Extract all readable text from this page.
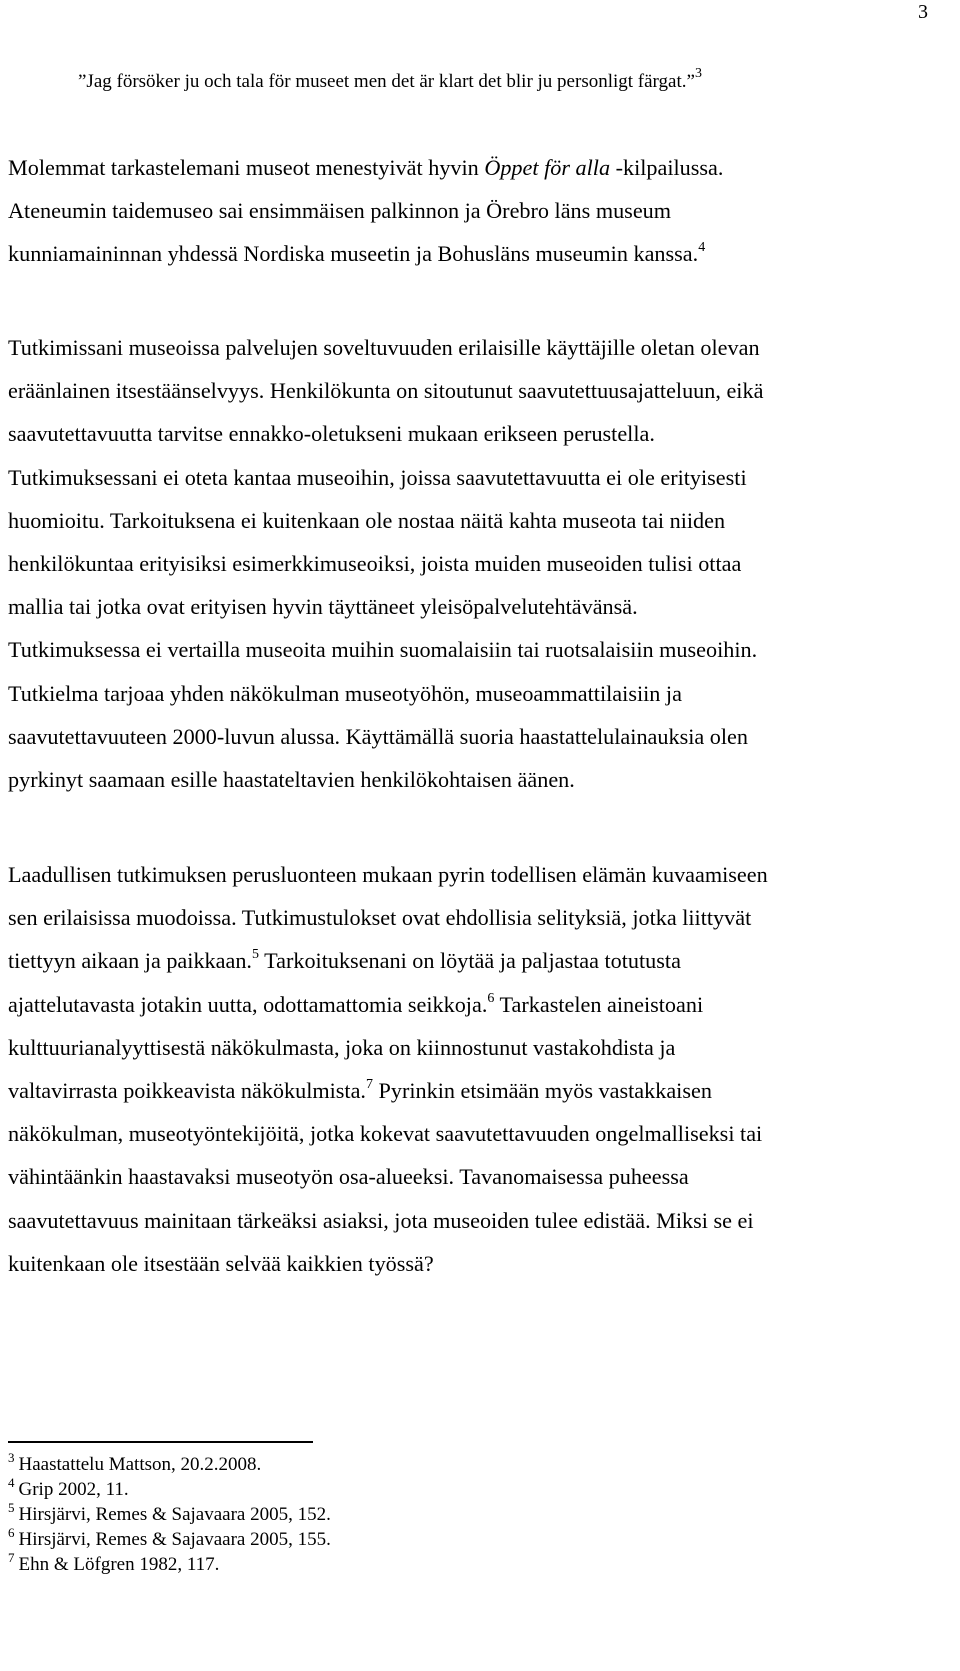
3
”Jag försöker ju och tala för museet men det är klart det blir ju personligt färgat.”$^3$
Molemmat tarkastelemani museot menestyivät hyvin Öppet för alla -kilpailussa.
Ateneumin taidemuseo sai ensimmäisen palkinnon ja Örebro läns museum
kunniamaininnan yhdessä Nordiska museetin ja Bohusläns museumin kanssa.$^4$
Tutkimissani museoissa palvelujen soveltuvuuden erilaisille käyttäjille oletan olevan
eräänlainen itsestäänselvyys. Henkilökunta on sitoutunut saavutettuusajatteluun, eikä
saavutettavuutta tarvitse ennakko-oletukseni mukaan erikseen perustella.
Tutkimuksessani ei oteta kantaa museoihin, joissa saavutettavuutta ei ole erityisesti
huomioitu. Tarkoituksena ei kuitenkaan ole nostaa näitä kahta museota tai niiden
henkilökuntaa erityisiksi esimerkkimuseoiksi, joista muiden museoiden tulisi ottaa
mallia tai jotka ovat erityisen hyvin täyttäneet yleisöpalvelutehtävänsä.
Tutkimuksessa ei vertailla museoita muihin suomalaisiin tai ruotsalaisiin museoihin.
Tutkielma tarjoaa yhden näkökulman museotyöhön, museoammattilaisiin ja
saavutettavuuteen 2000-luvun alussa. Käyttämällä suoria haastattelulainauksia olen
pyrkinyt saamaan esille haastateltavien henkilökohtaisen äänen.
Laadullisen tutkimuksen perusluonteen mukaan pyrin todellisen elämän kuvaamiseen
sen erilaisissa muodoissa. Tutkimustulokset ovat ehdollisia selityksiä, jotka liittyvät
tiettyyn aikaan ja paikkaan.$^5$ Tarkoituksenani on löytää ja paljastaa totutusta
ajattelutavasta jotakin uutta, odottamattomia seikkoja.$^6$ Tarkastelen aineistoani
kulttuurianalyyttisestä näkökulmasta, joka on kiinnostunut vastakohdista ja
valtavirrasta poikkeavista näkökulmista.$^7$ Pyrinkin etsimään myös vastakkaisen
näkökulman, museotyöntekijöitä, jotka kokevat saavutettavuuden ongelmalliseksi tai
vähintäänkin haastavaksi museotyön osa-alueeksi. Tavanomaisessa puheessa
saavutettavuus mainitaan tärkeäksi asiaksi, jota museoiden tulee edistää. Miksi se ei
kuitenkaan ole itsestään selvää kaikkien työssä?
$^3$ Haastattelu Mattson, 20.2.2008.
$^4$ Grip 2002, 11.
$^5$ Hirsjärvi, Remes & Sajavaara 2005, 152.
$^6$ Hirsjärvi, Remes & Sajavaara 2005, 155.
$^7$ Ehn & Löfgren 1982, 117.
